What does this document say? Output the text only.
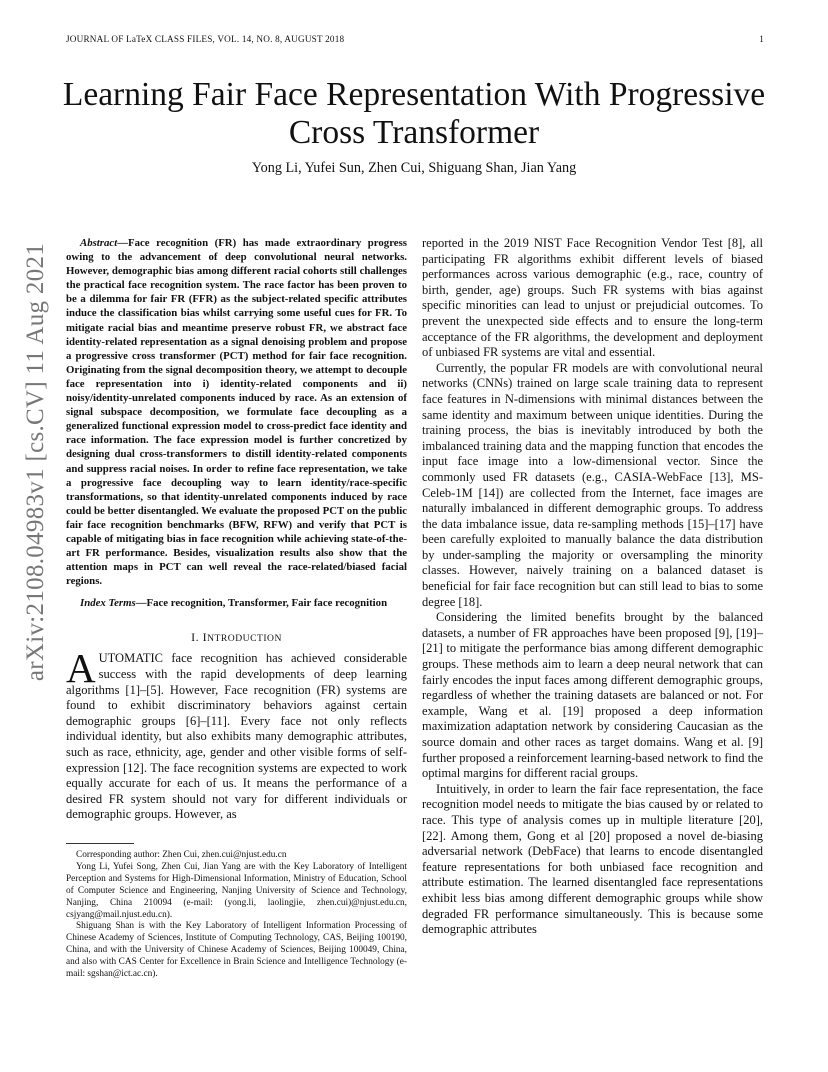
JOURNAL OF LaTeX CLASS FILES, VOL. 14, NO. 8, AUGUST 2018	1
arXiv:2108.04983v1 [cs.CV] 11 Aug 2021
Learning Fair Face Representation With Progressive Cross Transformer
Yong Li, Yufei Sun, Zhen Cui, Shiguang Shan, Jian Yang

Abstract—Face recognition (FR) has made extraordinary progress owing to the advancement of deep convolutional neural networks. However, demographic bias among different racial cohorts still challenges the practical face recognition system. The race factor has been proven to be a dilemma for fair FR (FFR) as the subject-related specific attributes induce the classification bias whilst carrying some useful cues for FR. To mitigate racial bias and meantime preserve robust FR, we abstract face identity-related representation as a signal denoising problem and propose a progressive cross transformer (PCT) method for fair face recognition. Originating from the signal decomposition theory, we attempt to decouple face representation into i) identity-related components and ii) noisy/identity-unrelated components induced by race. As an extension of signal subspace decomposition, we formulate face decoupling as a generalized functional expression model to cross-predict face identity and race information. The face expression model is further concretized by designing dual cross-transformers to distill identity-related components and suppress racial noises. In order to refine face representation, we take a progressive face decoupling way to learn identity/race-specific transformations, so that identity-unrelated components induced by race could be better disentangled. We evaluate the proposed PCT on the public fair face recognition benchmarks (BFW, RFW) and verify that PCT is capable of mitigating bias in face recognition while achieving state-of-the-art FR performance. Besides, visualization results also show that the attention maps in PCT can well reveal the race-related/biased facial regions.

Index Terms—Face recognition, Transformer, Fair face recognition

I. INTRODUCTION

AUTOMATIC face recognition has achieved considerable success with the rapid developments of deep learning algorithms [1]–[5]. However, Face recognition (FR) systems are found to exhibit discriminatory behaviors against certain demographic groups [6]–[11]. Every face not only reflects individual identity, but also exhibits many demographic attributes, such as race, ethnicity, age, gender and other visible forms of self-expression [12]. The face recognition systems are expected to work equally accurate for each of us. It means the performance of a desired FR system should not vary for different individuals or demographic groups. However, as

Corresponding author: Zhen Cui, zhen.cui@njust.edu.cn

Yong Li, Yufei Song, Zhen Cui, Jian Yang are with the Key Laboratory of Intelligent Perception and Systems for High-Dimensional Information, Ministry of Education, School of Computer Science and Engineering, Nanjing University of Science and Technology, Nanjing, China 210094 (e-mail: (yong.li, laolingjie, zhen.cui)@njust.edu.cn, csjyang@mail.njust.edu.cn).

Shiguang Shan is with the Key Laboratory of Intelligent Information Processing of Chinese Academy of Sciences, Institute of Computing Technology, CAS, Beijing 100190, China, and with the University of Chinese Academy of Sciences, Beijing 100049, China, and also with CAS Center for Excellence in Brain Science and Intelligence Technology (e-mail: sgshan@ict.ac.cn).

reported in the 2019 NIST Face Recognition Vendor Test [8], all participating FR algorithms exhibit different levels of biased performances across various demographic (e.g., race, country of birth, gender, age) groups. Such FR systems with bias against specific minorities can lead to unjust or prejudicial outcomes. To prevent the unexpected side effects and to ensure the long-term acceptance of the FR algorithms, the development and deployment of unbiased FR systems are vital and essential.

Currently, the popular FR models are with convolutional neural networks (CNNs) trained on large scale training data to represent face features in N-dimensions with minimal distances between the same identity and maximum between unique identities. During the training process, the bias is inevitably introduced by both the imbalanced training data and the mapping function that encodes the input face image into a low-dimensional vector. Since the commonly used FR datasets (e.g., CASIA-WebFace [13], MS-Celeb-1M [14]) are collected from the Internet, face images are naturally imbalanced in different demographic groups. To address the data imbalance issue, data re-sampling methods [15]–[17] have been carefully exploited to manually balance the data distribution by under-sampling the majority or oversampling the minority classes. However, naively training on a balanced dataset is beneficial for fair face recognition but can still lead to bias to some degree [18].

Considering the limited benefits brought by the balanced datasets, a number of FR approaches have been proposed [9], [19]–[21] to mitigate the performance bias among different demographic groups. These methods aim to learn a deep neural network that can fairly encodes the input faces among different demographic groups, regardless of whether the training datasets are balanced or not. For example, Wang et al. [19] proposed a deep information maximization adaptation network by considering Caucasian as the source domain and other races as target domains. Wang et al. [9] further proposed a reinforcement learning-based network to find the optimal margins for different racial groups.

Intuitively, in order to learn the fair face representation, the face recognition model needs to mitigate the bias caused by or related to race. This type of analysis comes up in multiple literature [20], [22]. Among them, Gong et al [20] proposed a novel de-biasing adversarial network (DebFace) that learns to encode disentangled feature representations for both unbiased face recognition and attribute estimation. The learned disentangled face representations exhibit less bias among different demographic groups while show degraded FR performance simultaneously. This is because some demographic attributes
